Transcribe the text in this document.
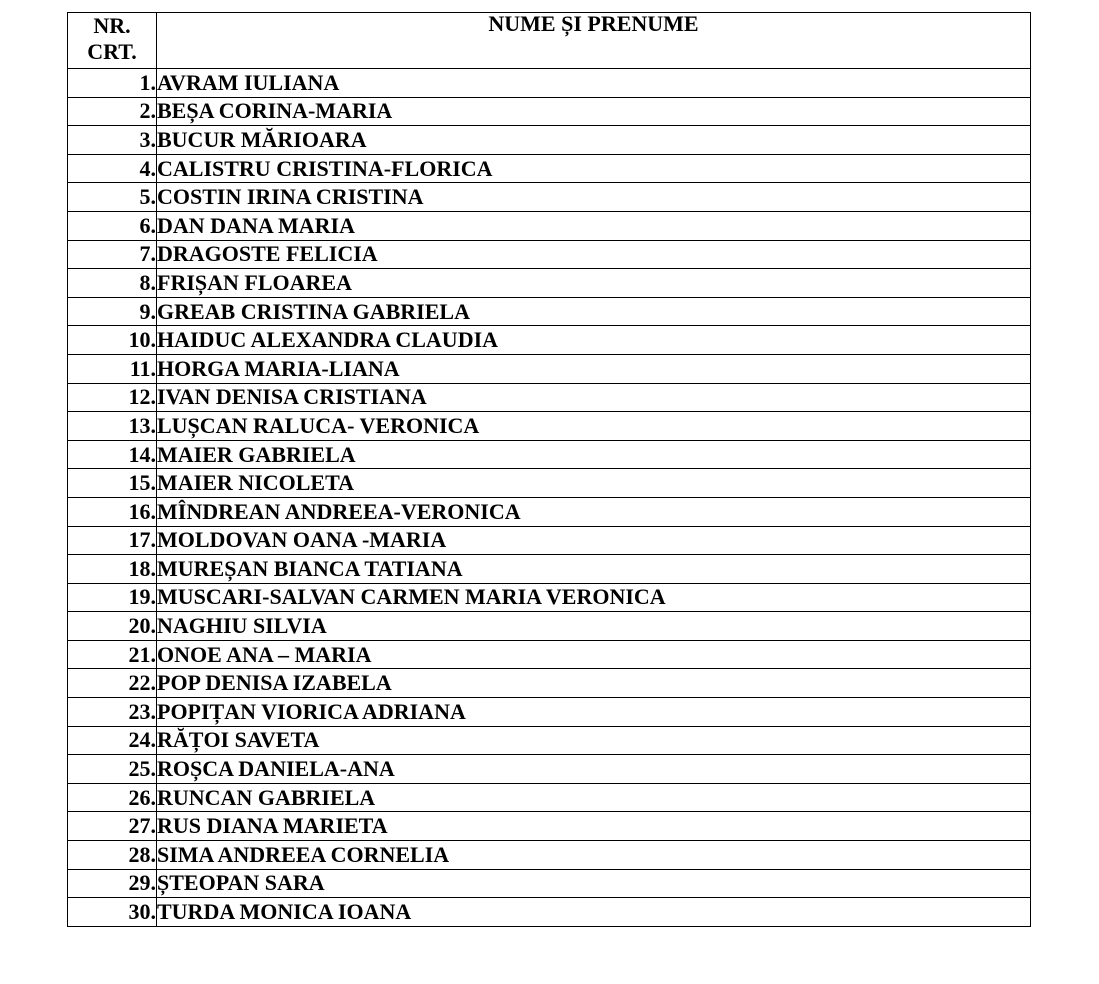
NR.
CRT.	NUME ȘI PRENUME
1.	AVRAM IULIANA
2.	BEȘA CORINA-MARIA
3.	BUCUR MĂRIOARA
4.	CALISTRU CRISTINA-FLORICA
5.	COSTIN IRINA CRISTINA
6.	DAN DANA MARIA
7.	DRAGOSTE FELICIA
8.	FRIȘAN FLOAREA
9.	GREAB CRISTINA GABRIELA
10.	HAIDUC ALEXANDRA CLAUDIA
11.	HORGA MARIA-LIANA
12.	IVAN DENISA CRISTIANA
13.	LUȘCAN RALUCA- VERONICA
14.	MAIER GABRIELA
15.	MAIER NICOLETA
16.	MÎNDREAN ANDREEA-VERONICA
17.	MOLDOVAN OANA -MARIA
18.	MUREȘAN BIANCA TATIANA
19.	MUSCARI-SALVAN CARMEN MARIA VERONICA
20.	NAGHIU SILVIA
21.	ONOE ANA – MARIA
22.	POP DENISA IZABELA
23.	POPIȚAN VIORICA ADRIANA
24.	RĂȚOI SAVETA
25.	ROȘCA DANIELA-ANA
26.	RUNCAN GABRIELA
27.	RUS DIANA MARIETA
28.	SIMA ANDREEA CORNELIA
29.	ȘTEOPAN SARA
30.	TURDA MONICA IOANA
